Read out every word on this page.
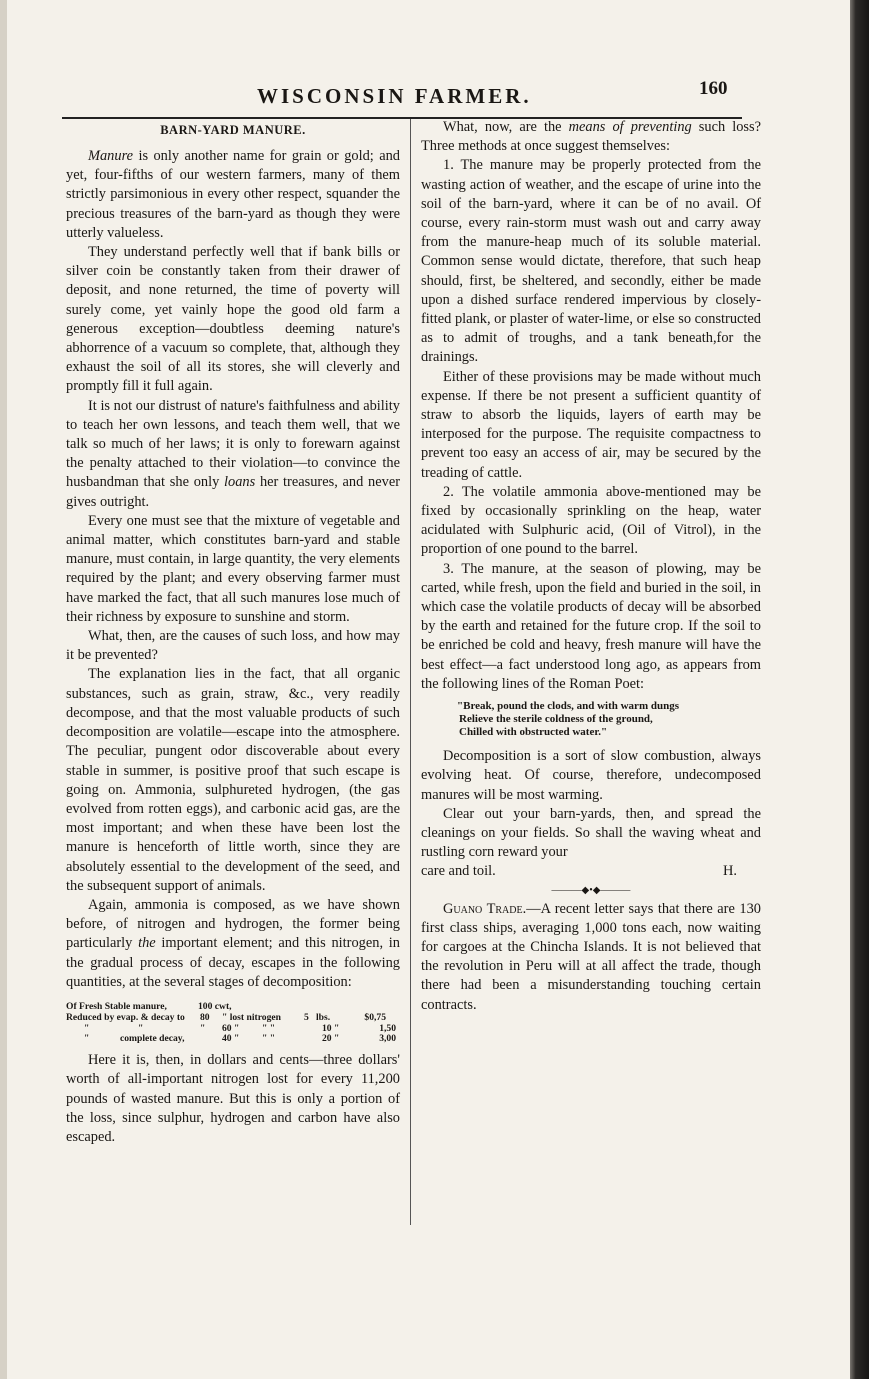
WISCONSIN FARMER.	160
BARN-YARD MANURE.

Manure is only another name for grain or gold; and yet, four-fifths of our western farmers, many of them strictly parsimonious in every other respect, squander the precious treasures of the barn-yard as though they were utterly valueless.

They understand perfectly well that if bank bills or silver coin be constantly taken from their drawer of deposit, and none returned, the time of poverty will surely come, yet vainly hope the good old farm a generous exception—doubtless deeming nature's abhorrence of a vacuum so complete, that, although they exhaust the soil of all its stores, she will cleverly and promptly fill it full again.

It is not our distrust of nature's faithfulness and ability to teach her own lessons, and teach them well, that we talk so much of her laws; it is only to forewarn against the penalty attached to their violation—to convince the husbandman that she only loans her treasures, and never gives outright.

Every one must see that the mixture of vegetable and animal matter, which constitutes barn-yard and stable manure, must contain, in large quantity, the very elements required by the plant; and every observing farmer must have marked the fact, that all such manures lose much of their richness by exposure to sunshine and storm.

What, then, are the causes of such loss, and how may it be prevented?

The explanation lies in the fact, that all organic substances, such as grain, straw, &c., very readily decompose, and that the most valuable products of such decomposition are volatile—escape into the atmosphere. The peculiar, pungent odor discoverable about every stable in summer, is positive proof that such escape is going on. Ammonia, sulphureted hydrogen, (the gas evolved from rotten eggs), and carbonic acid gas, are the most important; and when these have been lost the manure is henceforth of little worth, since they are absolutely essential to the development of the seed, and the subsequent support of animals.

Again, ammonia is composed, as we have shown before, of nitrogen and hydrogen, the former being particularly the important element; and this nitrogen, in the gradual process of decay, escapes in the following quantities, at the several stages of decomposition:

Of Fresh Stable manure,	100 cwt,
Reduced by evap. & decay to	80	" lost nitrogen	5 lbs.	$0,75
"	"	"	60 "	" "	10 "	1,50
"	complete decay,	40 "	" "	20 "	3,00

Here it is, then, in dollars and cents—three dollars' worth of all-important nitrogen lost for every 11,200 pounds of wasted manure. But this is only a portion of the loss, since sulphur, hydrogen and carbon have also escaped.

What, now, are the means of preventing such loss? Three methods at once suggest themselves:

1. The manure may be properly protected from the wasting action of weather, and the escape of urine into the soil of the barn-yard, where it can be of no avail. Of course, every rain-storm must wash out and carry away from the manure-heap much of its soluble material. Common sense would dictate, therefore, that such heap should, first, be sheltered, and secondly, either be made upon a dished surface rendered impervious by closely-fitted plank, or plaster of water-lime, or else so constructed as to admit of troughs, and a tank beneath,for the drainings.

Either of these provisions may be made without much expense. If there be not present a sufficient quantity of straw to absorb the liquids, layers of earth may be interposed for the purpose. The requisite compactness to prevent too easy an access of air, may be secured by the treading of cattle.

2. The volatile ammonia above-mentioned may be fixed by occasionally sprinkling on the heap, water acidulated with Sulphuric acid, (Oil of Vitrol), in the proportion of one pound to the barrel.

3. The manure, at the season of plowing, may be carted, while fresh, upon the field and buried in the soil, in which case the volatile products of decay will be absorbed by the earth and retained for the future crop. If the soil to be enriched be cold and heavy, fresh manure will have the best effect—a fact understood long ago, as appears from the following lines of the Roman Poet:

"Break, pound the clods, and with warm dungs
Relieve the sterile coldness of the ground,
Chilled with obstructed water."

Decomposition is a sort of slow combustion, always evolving heat. Of course, therefore, undecomposed manures will be most warming.

Clear out your barn-yards, then, and spread the cleanings on your fields. So shall the waving wheat and rustling corn reward your

care and toil.	H.
———◆•◆———

Guano Trade.—A recent letter says that there are 130 first class ships, averaging 1,000 tons each, now waiting for cargoes at the Chincha Islands. It is not believed that the revolution in Peru will at all affect the trade, though there had been a misunderstanding touching certain contracts.
